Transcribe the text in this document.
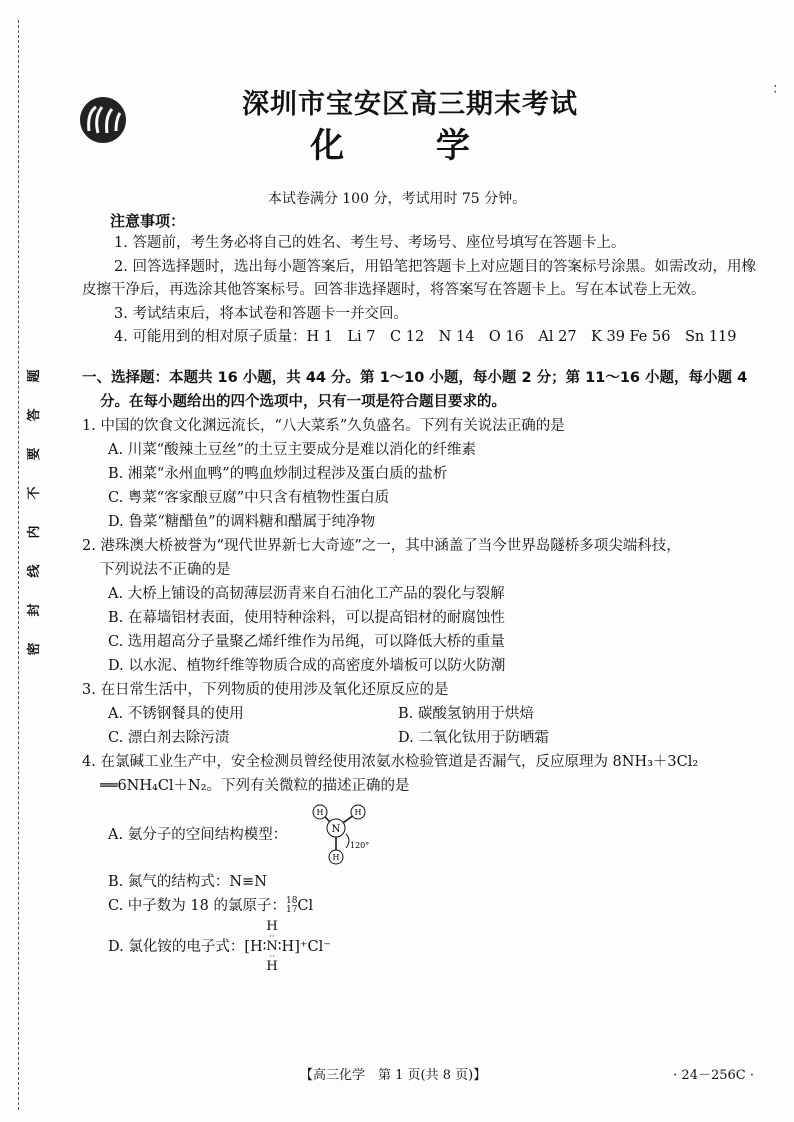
题
答
要
不
内
线
封
密
：
深圳市宝安区高三期末考试
化 学
本试卷满分 100 分，考试用时 75 分钟。
注意事项：
1. 答题前，考生务必将自己的姓名、考生号、考场号、座位号填写在答题卡上。
2. 回答选择题时，选出每小题答案后，用铅笔把答题卡上对应题目的答案标号涂黑。如需改动，用橡皮擦干净后，再选涂其他答案标号。回答非选择题时，将答案写在答题卡上。写在本试卷上无效。
3. 考试结束后，将本试卷和答题卡一并交回。
4. 可能用到的相对原子质量：H 1　Li 7　C 12　N 14　O 16　Al 27　K 39 Fe 56　Sn 119
一、选择题：本题共 16 小题，共 44 分。第 1～10 小题，每小题 2 分；第 11～16 小题，每小题 4
分。在每小题给出的四个选项中，只有一项是符合题目要求的。
1. 中国的饮食文化渊远流长，“八大菜系”久负盛名。下列有关说法正确的是
A. 川菜“酸辣土豆丝”的土豆主要成分是难以消化的纤维素
B. 湘菜“永州血鸭”的鸭血炒制过程涉及蛋白质的盐析
C. 粤菜“客家酿豆腐”中只含有植物性蛋白质
D. 鲁菜“糖醋鱼”的调料糖和醋属于纯净物
2. 港珠澳大桥被誉为“现代世界新七大奇迹”之一，其中涵盖了当今世界岛隧桥多项尖端科技，
下列说法不正确的是
A. 大桥上铺设的高韧薄层沥青来自石油化工产品的裂化与裂解
B. 在幕墙铝材表面，使用特种涂料，可以提高铝材的耐腐蚀性
C. 选用超高分子量聚乙烯纤维作为吊绳，可以降低大桥的重量
D. 以水泥、植物纤维等物质合成的高密度外墙板可以防火防潮
3. 在日常生活中，下列物质的使用涉及氧化还原反应的是
A. 不锈钢餐具的使用	B. 碳酸氢钠用于烘焙
C. 漂白剂去除污渍	D. 二氧化钛用于防晒霜
4. 在氯碱工业生产中，安全检测员曾经使用浓氨水检验管道是否漏气，反应原理为 8NH₃＋3Cl₂
══6NH₄Cl＋N₂。下列有关微粒的描述正确的是
A. 氨分子的空间结构模型：	N
H	H
H
120°
B. 氮气的结构式：N≡N
C. 中子数为 18 的氯原子： 18
17 Cl
D. 氯化铵的电子式：[H∶
H
··
N
··
H
∶H]⁺Cl⁻
【高三化学　第 1 页(共 8 页)】	· 24－256C ·
